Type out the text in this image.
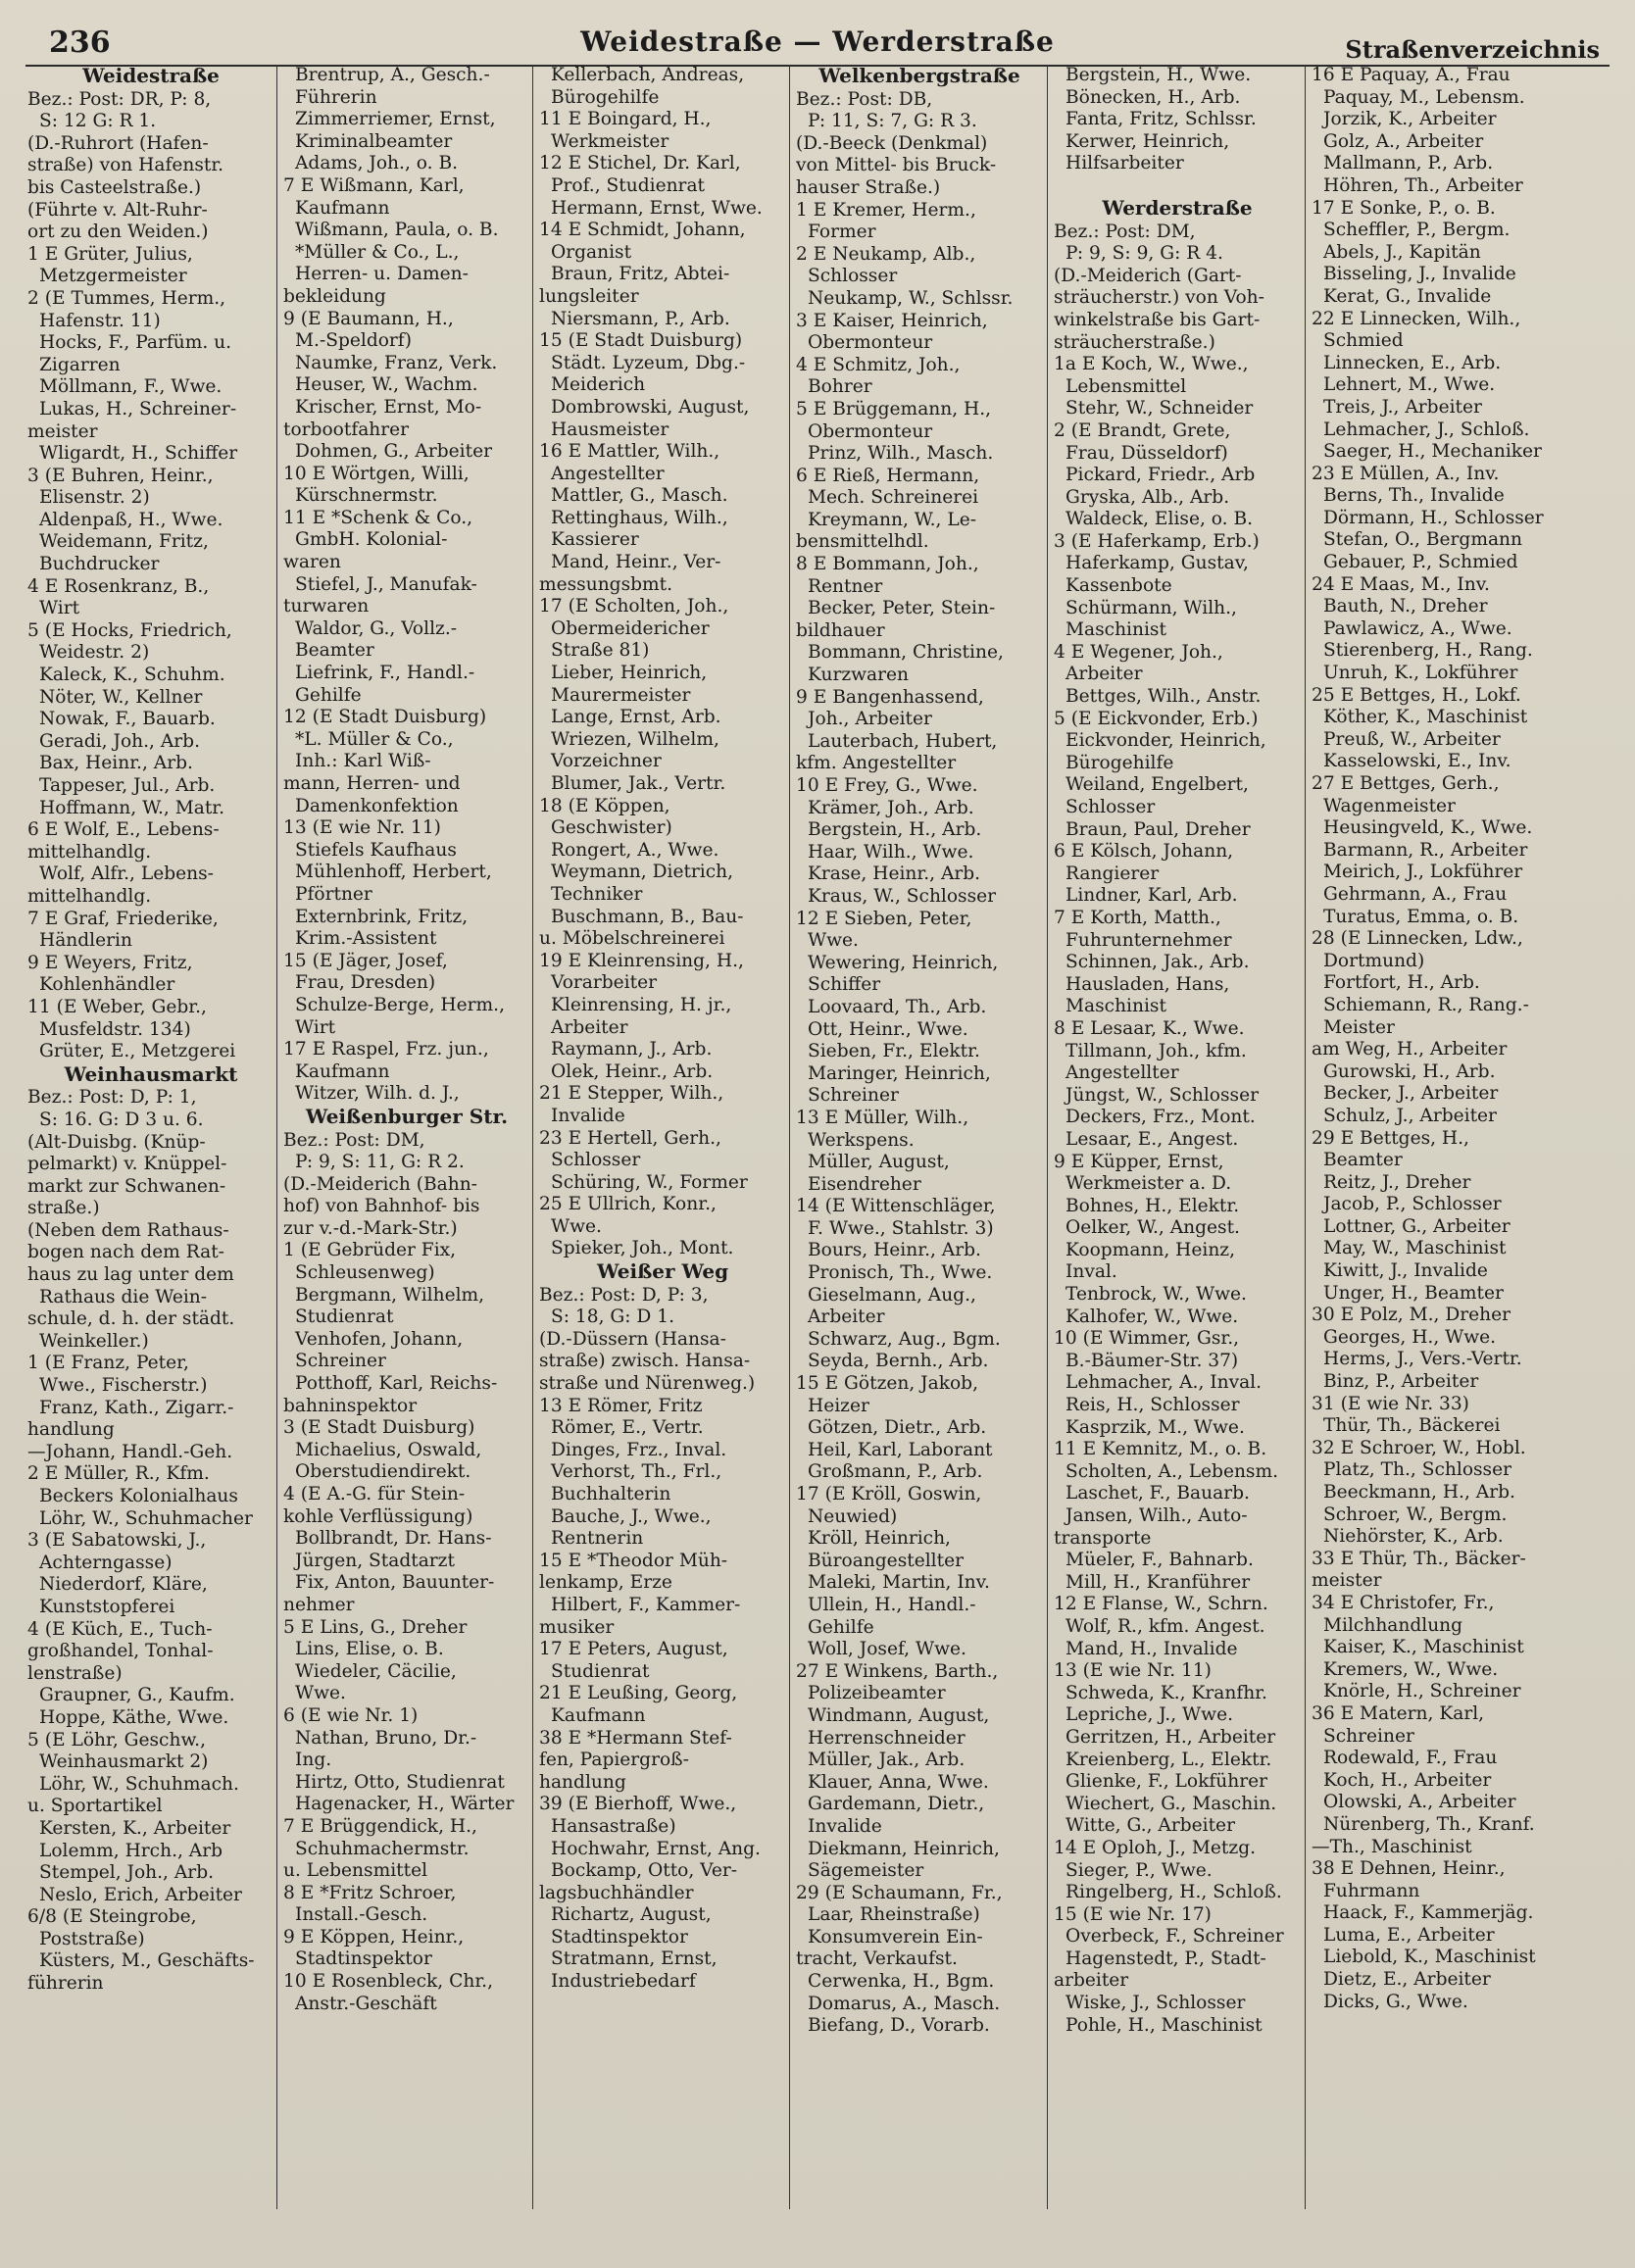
236	Weidestraße — Werderstraße	Straßenverzeichnis
Weidestraße

Bez.: Post: DR, P: 8,

S: 12 G: R 1.

(D.-Ruhrort (Hafen-

straße) von Hafenstr.

bis Casteelstraße.)

(Führte v. Alt-Ruhr-

ort zu den Weiden.)

1 E Grüter, Julius,

Metzgermeister

2 (E Tummes, Herm.,

Hafenstr. 11)

Hocks, F., Parfüm. u.

Zigarren

Möllmann, F., Wwe.

Lukas, H., Schreiner-

meister

Wligardt, H., Schiffer

3 (E Buhren, Heinr.,

Elisenstr. 2)

Aldenpaß, H., Wwe.

Weidemann, Fritz,

Buchdrucker

4 E Rosenkranz, B.,

Wirt

5 (E Hocks, Friedrich,

Weidestr. 2)

Kaleck, K., Schuhm.

Nöter, W., Kellner

Nowak, F., Bauarb.

Geradi, Joh., Arb.

Bax, Heinr., Arb.

Tappeser, Jul., Arb.

Hoffmann, W., Matr.

6 E Wolf, E., Lebens-

mittelhandlg.

Wolf, Alfr., Lebens-

mittelhandlg.

7 E Graf, Friederike,

Händlerin

9 E Weyers, Fritz,

Kohlenhändler

11 (E Weber, Gebr.,

Musfeldstr. 134)

Grüter, E., Metzgerei

Weinhausmarkt

Bez.: Post: D, P: 1,

S: 16. G: D 3 u. 6.

(Alt-Duisbg. (Knüp-

pelmarkt) v. Knüppel-

markt zur Schwanen-

straße.)

(Neben dem Rathaus-

bogen nach dem Rat-

haus zu lag unter dem

Rathaus die Wein-

schule, d. h. der städt.

Weinkeller.)

1 (E Franz, Peter,

Wwe., Fischerstr.)

Franz, Kath., Zigarr.-

handlung

—Johann, Handl.-Geh.

2 E Müller, R., Kfm.

Beckers Kolonialhaus

Löhr, W., Schuhmacher

3 (E Sabatowski, J.,

Achterngasse)

Niederdorf, Kläre,

Kunststopferei

4 (E Küch, E., Tuch-

großhandel, Tonhal-

lenstraße)

Graupner, G., Kaufm.

Hoppe, Käthe, Wwe.

5 (E Löhr, Geschw.,

Weinhausmarkt 2)

Löhr, W., Schuhmach.

u. Sportartikel

Kersten, K., Arbeiter

Lolemm, Hrch., Arb

Stempel, Joh., Arb.

Neslo, Erich, Arbeiter

6/8 (E Steingrobe,

Poststraße)

Küsters, M., Geschäfts-

führerin

Brentrup, A., Gesch.-

Führerin

Zimmerriemer, Ernst,

Kriminalbeamter

Adams, Joh., o. B.

7 E Wißmann, Karl,

Kaufmann

Wißmann, Paula, o. B.

*Müller & Co., L.,

Herren- u. Damen-

bekleidung

9 (E Baumann, H.,

M.-Speldorf)

Naumke, Franz, Verk.

Heuser, W., Wachm.

Krischer, Ernst, Mo-

torbootfahrer

Dohmen, G., Arbeiter

10 E Wörtgen, Willi,

Kürschnermstr.

11 E *Schenk & Co.,

GmbH. Kolonial-

waren

Stiefel, J., Manufak-

turwaren

Waldor, G., Vollz.-

Beamter

Liefrink, F., Handl.-

Gehilfe

12 (E Stadt Duisburg)

*L. Müller & Co.,

Inh.: Karl Wiß-

mann, Herren- und

Damenkonfektion

13 (E wie Nr. 11)

Stiefels Kaufhaus

Mühlenhoff, Herbert,

Pförtner

Externbrink, Fritz,

Krim.-Assistent

15 (E Jäger, Josef,

Frau, Dresden)

Schulze-Berge, Herm.,

Wirt

17 E Raspel, Frz. jun.,

Kaufmann

Witzer, Wilh. d. J.,

Weißenburger Str.

Bez.: Post: DM,

P: 9, S: 11, G: R 2.

(D.-Meiderich (Bahn-

hof) von Bahnhof- bis

zur v.-d.-Mark-Str.)

1 (E Gebrüder Fix,

Schleusenweg)

Bergmann, Wilhelm,

Studienrat

Venhofen, Johann,

Schreiner

Potthoff, Karl, Reichs-

bahninspektor

3 (E Stadt Duisburg)

Michaelius, Oswald,

Oberstudiendirekt.

4 (E A.-G. für Stein-

kohle Verflüssigung)

Bollbrandt, Dr. Hans-

Jürgen, Stadtarzt

Fix, Anton, Bauunter-

nehmer

5 E Lins, G., Dreher

Lins, Elise, o. B.

Wiedeler, Cäcilie,

Wwe.

6 (E wie Nr. 1)

Nathan, Bruno, Dr.-

Ing.

Hirtz, Otto, Studienrat

Hagenacker, H., Wärter

7 E Brüggendick, H.,

Schuhmachermstr.

u. Lebensmittel

8 E *Fritz Schroer,

Install.-Gesch.

9 E Köppen, Heinr.,

Stadtinspektor

10 E Rosenbleck, Chr.,

Anstr.-Geschäft

Kellerbach, Andreas,

Bürogehilfe

11 E Boingard, H.,

Werkmeister

12 E Stichel, Dr. Karl,

Prof., Studienrat

Hermann, Ernst, Wwe.

14 E Schmidt, Johann,

Organist

Braun, Fritz, Abtei-

lungsleiter

Niersmann, P., Arb.

15 (E Stadt Duisburg)

Städt. Lyzeum, Dbg.-

Meiderich

Dombrowski, August,

Hausmeister

16 E Mattler, Wilh.,

Angestellter

Mattler, G., Masch.

Rettinghaus, Wilh.,

Kassierer

Mand, Heinr., Ver-

messungsbmt.

17 (E Scholten, Joh.,

Obermeidericher

Straße 81)

Lieber, Heinrich,

Maurermeister

Lange, Ernst, Arb.

Wriezen, Wilhelm,

Vorzeichner

Blumer, Jak., Vertr.

18 (E Köppen,

Geschwister)

Rongert, A., Wwe.

Weymann, Dietrich,

Techniker

Buschmann, B., Bau-

u. Möbelschreinerei

19 E Kleinrensing, H.,

Vorarbeiter

Kleinrensing, H. jr.,

Arbeiter

Raymann, J., Arb.

Olek, Heinr., Arb.

21 E Stepper, Wilh.,

Invalide

23 E Hertell, Gerh.,

Schlosser

Schüring, W., Former

25 E Ullrich, Konr.,

Wwe.

Spieker, Joh., Mont.

Weißer Weg

Bez.: Post: D, P: 3,

S: 18, G: D 1.

(D.-Düssern (Hansa-

straße) zwisch. Hansa-

straße und Nürenweg.)

13 E Römer, Fritz

Römer, E., Vertr.

Dinges, Frz., Inval.

Verhorst, Th., Frl.,

Buchhalterin

Bauche, J., Wwe.,

Rentnerin

15 E *Theodor Müh-

lenkamp, Erze

Hilbert, F., Kammer-

musiker

17 E Peters, August,

Studienrat

21 E Leußing, Georg,

Kaufmann

38 E *Hermann Stef-

fen, Papiergroß-

handlung

39 (E Bierhoff, Wwe.,

Hansastraße)

Hochwahr, Ernst, Ang.

Bockamp, Otto, Ver-

lagsbuchhändler

Richartz, August,

Stadtinspektor

Stratmann, Ernst,

Industriebedarf

Welkenbergstraße

Bez.: Post: DB,

P: 11, S: 7, G: R 3.

(D.-Beeck (Denkmal)

von Mittel- bis Bruck-

hauser Straße.)

1 E Kremer, Herm.,

Former

2 E Neukamp, Alb.,

Schlosser

Neukamp, W., Schlssr.

3 E Kaiser, Heinrich,

Obermonteur

4 E Schmitz, Joh.,

Bohrer

5 E Brüggemann, H.,

Obermonteur

Prinz, Wilh., Masch.

6 E Rieß, Hermann,

Mech. Schreinerei

Kreymann, W., Le-

bensmittelhdl.

8 E Bommann, Joh.,

Rentner

Becker, Peter, Stein-

bildhauer

Bommann, Christine,

Kurzwaren

9 E Bangenhassend,

Joh., Arbeiter

Lauterbach, Hubert,

kfm. Angestellter

10 E Frey, G., Wwe.

Krämer, Joh., Arb.

Bergstein, H., Arb.

Haar, Wilh., Wwe.

Krase, Heinr., Arb.

Kraus, W., Schlosser

12 E Sieben, Peter,

Wwe.

Wewering, Heinrich,

Schiffer

Loovaard, Th., Arb.

Ott, Heinr., Wwe.

Sieben, Fr., Elektr.

Maringer, Heinrich,

Schreiner

13 E Müller, Wilh.,

Werkspens.

Müller, August,

Eisendreher

14 (E Wittenschläger,

F. Wwe., Stahlstr. 3)

Bours, Heinr., Arb.

Pronisch, Th., Wwe.

Gieselmann, Aug.,

Arbeiter

Schwarz, Aug., Bgm.

Seyda, Bernh., Arb.

15 E Götzen, Jakob,

Heizer

Götzen, Dietr., Arb.

Heil, Karl, Laborant

Großmann, P., Arb.

17 (E Kröll, Goswin,

Neuwied)

Kröll, Heinrich,

Büroangestellter

Maleki, Martin, Inv.

Ullein, H., Handl.-

Gehilfe

Woll, Josef, Wwe.

27 E Winkens, Barth.,

Polizeibeamter

Windmann, August,

Herrenschneider

Müller, Jak., Arb.

Klauer, Anna, Wwe.

Gardemann, Dietr.,

Invalide

Diekmann, Heinrich,

Sägemeister

29 (E Schaumann, Fr.,

Laar, Rheinstraße)

Konsumverein Ein-

tracht, Verkaufst.

Cerwenka, H., Bgm.

Domarus, A., Masch.

Biefang, D., Vorarb.

Bergstein, H., Wwe.

Bönecken, H., Arb.

Fanta, Fritz, Schlssr.

Kerwer, Heinrich,

Hilfsarbeiter

Werderstraße

Bez.: Post: DM,

P: 9, S: 9, G: R 4.

(D.-Meiderich (Gart-

sträucherstr.) von Voh-

winkelstraße bis Gart-

sträucherstraße.)

1a E Koch, W., Wwe.,

Lebensmittel

Stehr, W., Schneider

2 (E Brandt, Grete,

Frau, Düsseldorf)

Pickard, Friedr., Arb

Gryska, Alb., Arb.

Waldeck, Elise, o. B.

3 (E Haferkamp, Erb.)

Haferkamp, Gustav,

Kassenbote

Schürmann, Wilh.,

Maschinist

4 E Wegener, Joh.,

Arbeiter

Bettges, Wilh., Anstr.

5 (E Eickvonder, Erb.)

Eickvonder, Heinrich,

Bürogehilfe

Weiland, Engelbert,

Schlosser

Braun, Paul, Dreher

6 E Kölsch, Johann,

Rangierer

Lindner, Karl, Arb.

7 E Korth, Matth.,

Fuhrunternehmer

Schinnen, Jak., Arb.

Hausladen, Hans,

Maschinist

8 E Lesaar, K., Wwe.

Tillmann, Joh., kfm.

Angestellter

Jüngst, W., Schlosser

Deckers, Frz., Mont.

Lesaar, E., Angest.

9 E Küpper, Ernst,

Werkmeister a. D.

Bohnes, H., Elektr.

Oelker, W., Angest.

Koopmann, Heinz,

Inval.

Tenbrock, W., Wwe.

Kalhofer, W., Wwe.

10 (E Wimmer, Gsr.,

B.-Bäumer-Str. 37)

Lehmacher, A., Inval.

Reis, H., Schlosser

Kasprzik, M., Wwe.

11 E Kemnitz, M., o. B.

Scholten, A., Lebensm.

Laschet, F., Bauarb.

Jansen, Wilh., Auto-

transporte

Müeler, F., Bahnarb.

Mill, H., Kranführer

12 E Flanse, W., Schrn.

Wolf, R., kfm. Angest.

Mand, H., Invalide

13 (E wie Nr. 11)

Schweda, K., Kranfhr.

Lepriche, J., Wwe.

Gerritzen, H., Arbeiter

Kreienberg, L., Elektr.

Glienke, F., Lokführer

Wiechert, G., Maschin.

Witte, G., Arbeiter

14 E Oploh, J., Metzg.

Sieger, P., Wwe.

Ringelberg, H., Schloß.

15 (E wie Nr. 17)

Overbeck, F., Schreiner

Hagenstedt, P., Stadt-

arbeiter

Wiske, J., Schlosser

Pohle, H., Maschinist

16 E Paquay, A., Frau

Paquay, M., Lebensm.

Jorzik, K., Arbeiter

Golz, A., Arbeiter

Mallmann, P., Arb.

Höhren, Th., Arbeiter

17 E Sonke, P., o. B.

Scheffler, P., Bergm.

Abels, J., Kapitän

Bisseling, J., Invalide

Kerat, G., Invalide

22 E Linnecken, Wilh.,

Schmied

Linnecken, E., Arb.

Lehnert, M., Wwe.

Treis, J., Arbeiter

Lehmacher, J., Schloß.

Saeger, H., Mechaniker

23 E Müllen, A., Inv.

Berns, Th., Invalide

Dörmann, H., Schlosser

Stefan, O., Bergmann

Gebauer, P., Schmied

24 E Maas, M., Inv.

Bauth, N., Dreher

Pawlawicz, A., Wwe.

Stierenberg, H., Rang.

Unruh, K., Lokführer

25 E Bettges, H., Lokf.

Köther, K., Maschinist

Preuß, W., Arbeiter

Kasselowski, E., Inv.

27 E Bettges, Gerh.,

Wagenmeister

Heusingveld, K., Wwe.

Barmann, R., Arbeiter

Meirich, J., Lokführer

Gehrmann, A., Frau

Turatus, Emma, o. B.

28 (E Linnecken, Ldw.,

Dortmund)

Fortfort, H., Arb.

Schiemann, R., Rang.-

Meister

am Weg, H., Arbeiter

Gurowski, H., Arb.

Becker, J., Arbeiter

Schulz, J., Arbeiter

29 E Bettges, H.,

Beamter

Reitz, J., Dreher

Jacob, P., Schlosser

Lottner, G., Arbeiter

May, W., Maschinist

Kiwitt, J., Invalide

Unger, H., Beamter

30 E Polz, M., Dreher

Georges, H., Wwe.

Herms, J., Vers.-Vertr.

Binz, P., Arbeiter

31 (E wie Nr. 33)

Thür, Th., Bäckerei

32 E Schroer, W., Hobl.

Platz, Th., Schlosser

Beeckmann, H., Arb.

Schroer, W., Bergm.

Niehörster, K., Arb.

33 E Thür, Th., Bäcker-

meister

34 E Christofer, Fr.,

Milchhandlung

Kaiser, K., Maschinist

Kremers, W., Wwe.

Knörle, H., Schreiner

36 E Matern, Karl,

Schreiner

Rodewald, F., Frau

Koch, H., Arbeiter

Olowski, A., Arbeiter

Nürenberg, Th., Kranf.

—Th., Maschinist

38 E Dehnen, Heinr.,

Fuhrmann

Haack, F., Kammerjäg.

Luma, E., Arbeiter

Liebold, K., Maschinist

Dietz, E., Arbeiter

Dicks, G., Wwe.
